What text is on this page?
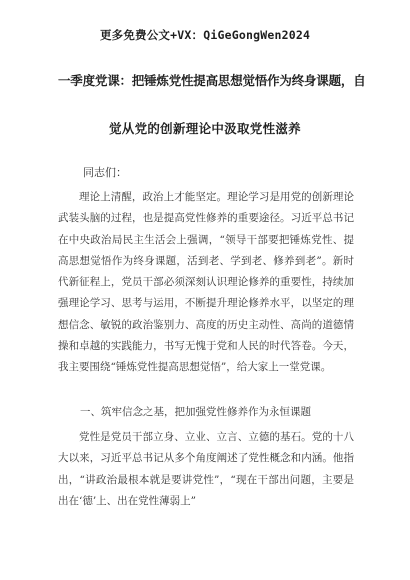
更多免费公文+VX：QiGeGongWen2024
一季度党课：把锤炼党性提高思想觉悟作为终身课题，自
觉从党的创新理论中汲取党性滋养
同志们：

理论上清醒，政治上才能坚定。理论学习是用党的创新理论武装头脑的过程，也是提高党性修养的重要途径。习近平总书记在中央政治局民主生活会上强调，“领导干部要把锤炼党性、提高思想觉悟作为终身课题，活到老、学到老、修养到老”。新时代新征程上，党员干部必须深刻认识理论修养的重要性，持续加强理论学习、思考与运用，不断提升理论修养水平，以坚定的理想信念、敏锐的政治鉴别力、高度的历史主动性、高尚的道德情操和卓越的实践能力，书写无愧于党和人民的时代答卷。今天，我主要围绕“锤炼党性提高思想觉悟”，给大家上一堂党课。

一、筑牢信念之基，把加强党性修养作为永恒课题

党性是党员干部立身、立业、立言、立德的基石。党的十八大以来，习近平总书记从多个角度阐述了党性概念和内涵。他指出，“讲政治最根本就是要讲党性”，“现在干部出问题，主要是出在‘德’上、出在党性薄弱上”
